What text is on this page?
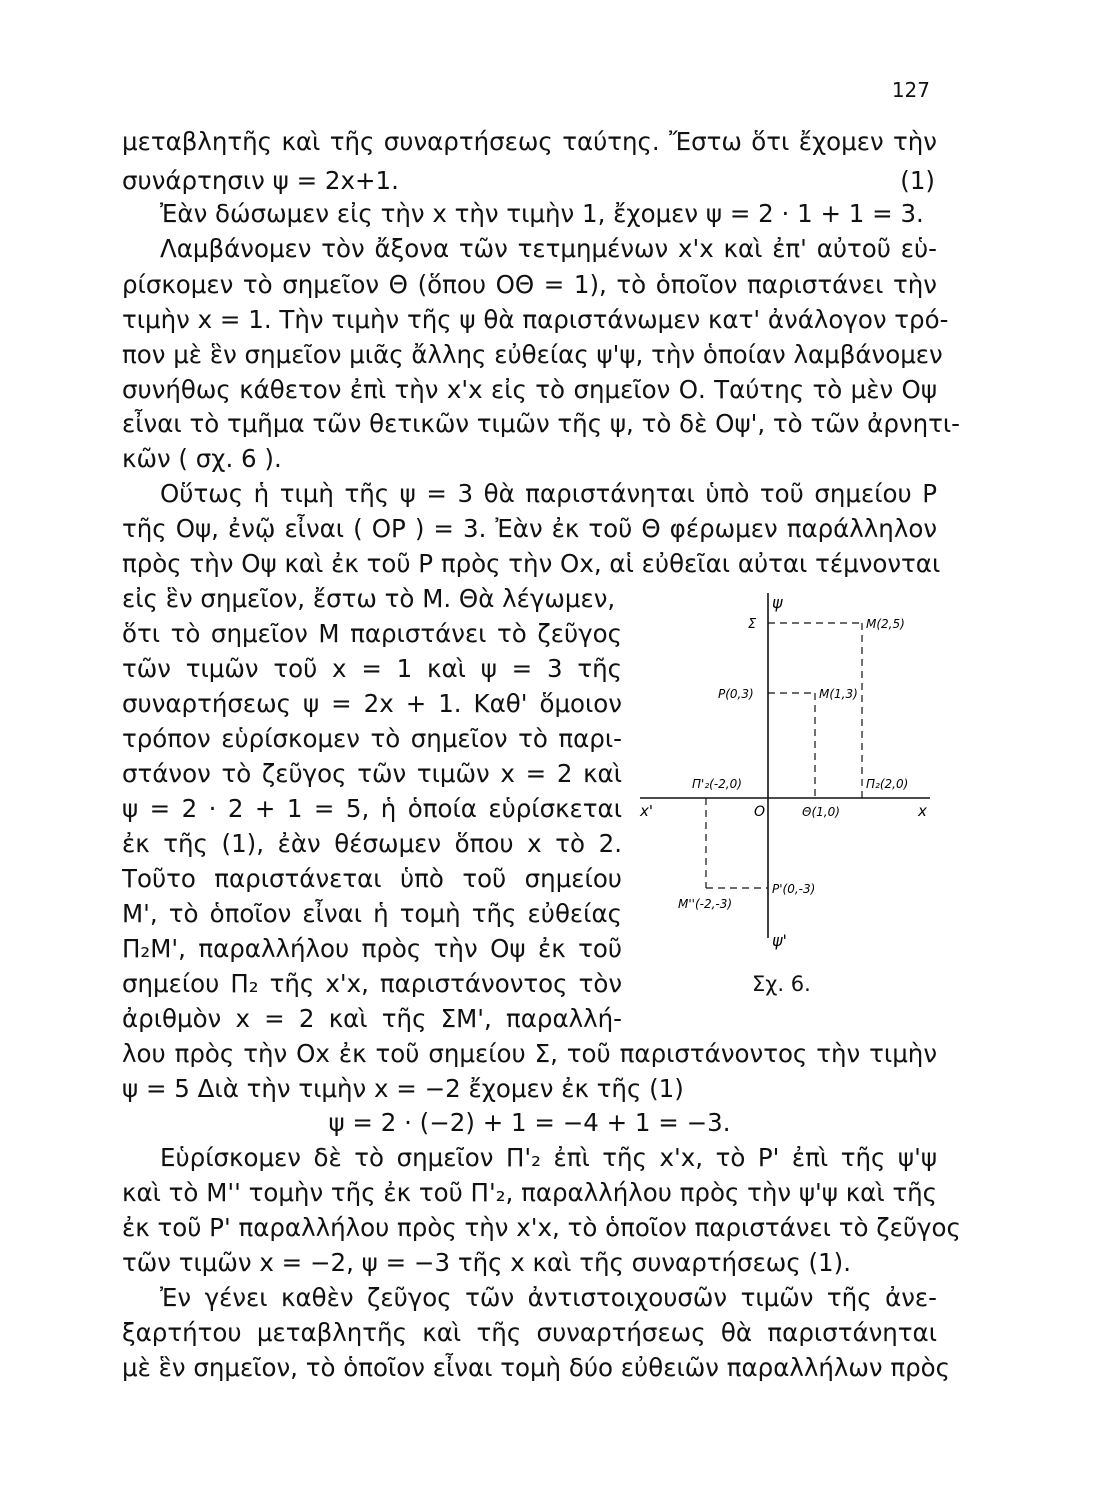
127
μεταβλητῆς καὶ τῆς συναρτήσεως ταύτης. Ἔστω ὅτι ἔχομεν τὴν
συνάρτησιν ψ = 2x+1.	(1)
Ἐὰν δώσωμεν εἰς τὴν x τὴν τιμὴν 1, ἔχομεν ψ = 2 · 1 + 1 = 3.
Λαμβάνομεν τὸν ἄξονα τῶν τετμημένων x'x καὶ ἐπ' αὐτοῦ εὑ-
ρίσκομεν τὸ σημεῖον Θ (ὅπου ΟΘ = 1), τὸ ὁποῖον παριστάνει τὴν
τιμὴν x = 1. Τὴν τιμὴν τῆς ψ θὰ παριστάνωμεν κατ' ἀνάλογον τρό-
πον μὲ ἓν σημεῖον μιᾶς ἄλλης εὐθείας ψ'ψ, τὴν ὁποίαν λαμβάνομεν
συνήθως κάθετον ἐπὶ τὴν x'x εἰς τὸ σημεῖον Ο. Ταύτης τὸ μὲν Οψ
εἶναι τὸ τμῆμα τῶν θετικῶν τιμῶν τῆς ψ, τὸ δὲ Οψ', τὸ τῶν ἀρνητι-
κῶν ( σχ. 6 ).
Οὕτως ἡ τιμὴ τῆς ψ = 3 θὰ παριστάνηται ὑπὸ τοῦ σημείου Ρ
τῆς Οψ, ἐνῷ εἶναι ( ΟΡ ) = 3. Ἐὰν ἐκ τοῦ Θ φέρωμεν παράλληλον
πρὸς τὴν Οψ καὶ ἐκ τοῦ Ρ πρὸς τὴν Οx, αἱ εὐθεῖαι αὐται τέμνονται
εἰς ἓν σημεῖον, ἔστω τὸ Μ. Θὰ λέγωμεν,
ὅτι τὸ σημεῖον Μ παριστάνει τὸ ζεῦγος
τῶν τιμῶν τοῦ x = 1 καὶ ψ = 3 τῆς
συναρτήσεως ψ = 2x + 1. Καθ' ὅμοιον
τρόπον εὑρίσκομεν τὸ σημεῖον τὸ παρι-
στάνον τὸ ζεῦγος τῶν τιμῶν x = 2 καὶ
ψ = 2 · 2 + 1 = 5, ἡ ὁποία εὑρίσκεται
ἐκ τῆς (1), ἐὰν θέσωμεν ὅπου x τὸ 2.
Τοῦτο παριστάνεται ὑπὸ τοῦ σημείου
Μ', τὸ ὁποῖον εἶναι ἡ τομὴ τῆς εὐθείας
Π₂Μ', παραλλήλου πρὸς τὴν Οψ ἐκ τοῦ
σημείου Π₂ τῆς x'x, παριστάνοντος τὸν
ἀριθμὸν x = 2 καὶ τῆς ΣΜ', παραλλή-
λου πρὸς τὴν Οx ἐκ τοῦ σημείου Σ, τοῦ παριστάνοντος τὴν τιμὴν
ψ = 5 Διὰ τὴν τιμὴν x = −2 ἔχομεν ἐκ τῆς (1)
ψ = 2 · (−2) + 1 = −4 + 1 = −3.
Εὑρίσκομεν δὲ τὸ σημεῖον Π'₂ ἐπὶ τῆς x'x, τὸ Ρ' ἐπὶ τῆς ψ'ψ
καὶ τὸ Μ'' τομὴν τῆς ἐκ τοῦ Π'₂, παραλλήλου πρὸς τὴν ψ'ψ καὶ τῆς
ἐκ τοῦ Ρ' παραλλήλου πρὸς τὴν x'x, τὸ ὁποῖον παριστάνει τὸ ζεῦγος
τῶν τιμῶν x = −2, ψ = −3 τῆς x καὶ τῆς συναρτήσεως (1).
Ἐν γένει καθὲν ζεῦγος τῶν ἀντιστοιχουσῶν τιμῶν τῆς ἀνε-
ξαρτήτου μεταβλητῆς καὶ τῆς συναρτήσεως θὰ παριστάνηται
μὲ ἓν σημεῖον, τὸ ὁποῖον εἶναι τομὴ δύο εὐθειῶν παραλλήλων πρὸς
ψ
Σ	M(2,5)
P(0,3)	M(1,3)
Π'₂(-2,0)	Π₂(2,0)
x'	O	Θ(1,0)	x
P'(0,-3)
M''(-2,-3)
ψ'
Σχ. 6.
